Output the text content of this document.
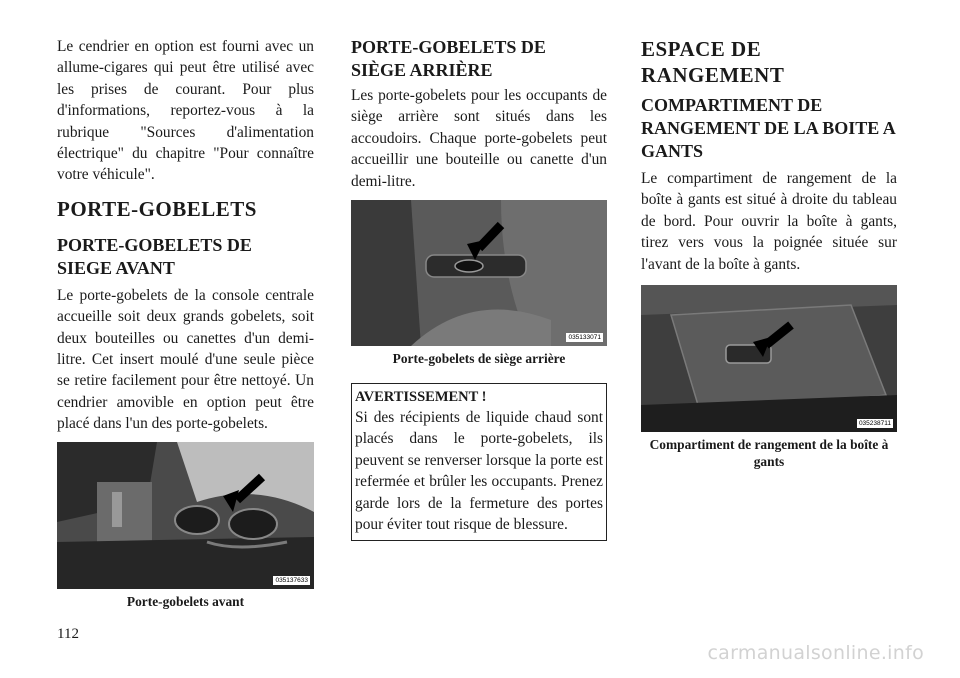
Le cendrier en option est fourni avec un allume-cigares qui peut être utilisé avec les prises de courant. Pour plus d'informations, reportez-vous à la rubrique "Sources d'alimentation électrique" du chapitre "Pour connaître votre véhicule".

PORTE-GOBELETS
PORTE-GOBELETS DE SIEGE AVANT

Le porte-gobelets de la console centrale accueille soit deux grands gobelets, soit deux bouteilles ou canettes d'un demi-litre. Cet insert moulé d'une seule pièce se retire facilement pour être nettoyé. Un cendrier amovible en option peut être placé dans l'un des porte-gobelets.

035137633
Porte-gobelets avant
PORTE-GOBELETS DE SIÈGE ARRIÈRE

Les porte-gobelets pour les occupants de siège arrière sont situés dans les accoudoirs. Chaque porte-gobelets peut accueillir une bouteille ou canette d'un demi-litre.

035133071
Porte-gobelets de siège arrière
AVERTISSEMENT !

Si des récipients de liquide chaud sont placés dans le porte-gobelets, ils peuvent se renverser lorsque la porte est refermée et brûler les occupants. Prenez garde lors de la fermeture des portes pour éviter tout risque de blessure.

ESPACE DE RANGEMENT
COMPARTIMENT DE RANGEMENT DE LA BOITE A GANTS

Le compartiment de rangement de la boîte à gants est situé à droite du tableau de bord. Pour ouvrir la boîte à gants, tirez vers vous la poignée située sur l'avant de la boîte à gants.

035238711
Compartiment de rangement de la boîte à gants
112
carmanualsonline.info
